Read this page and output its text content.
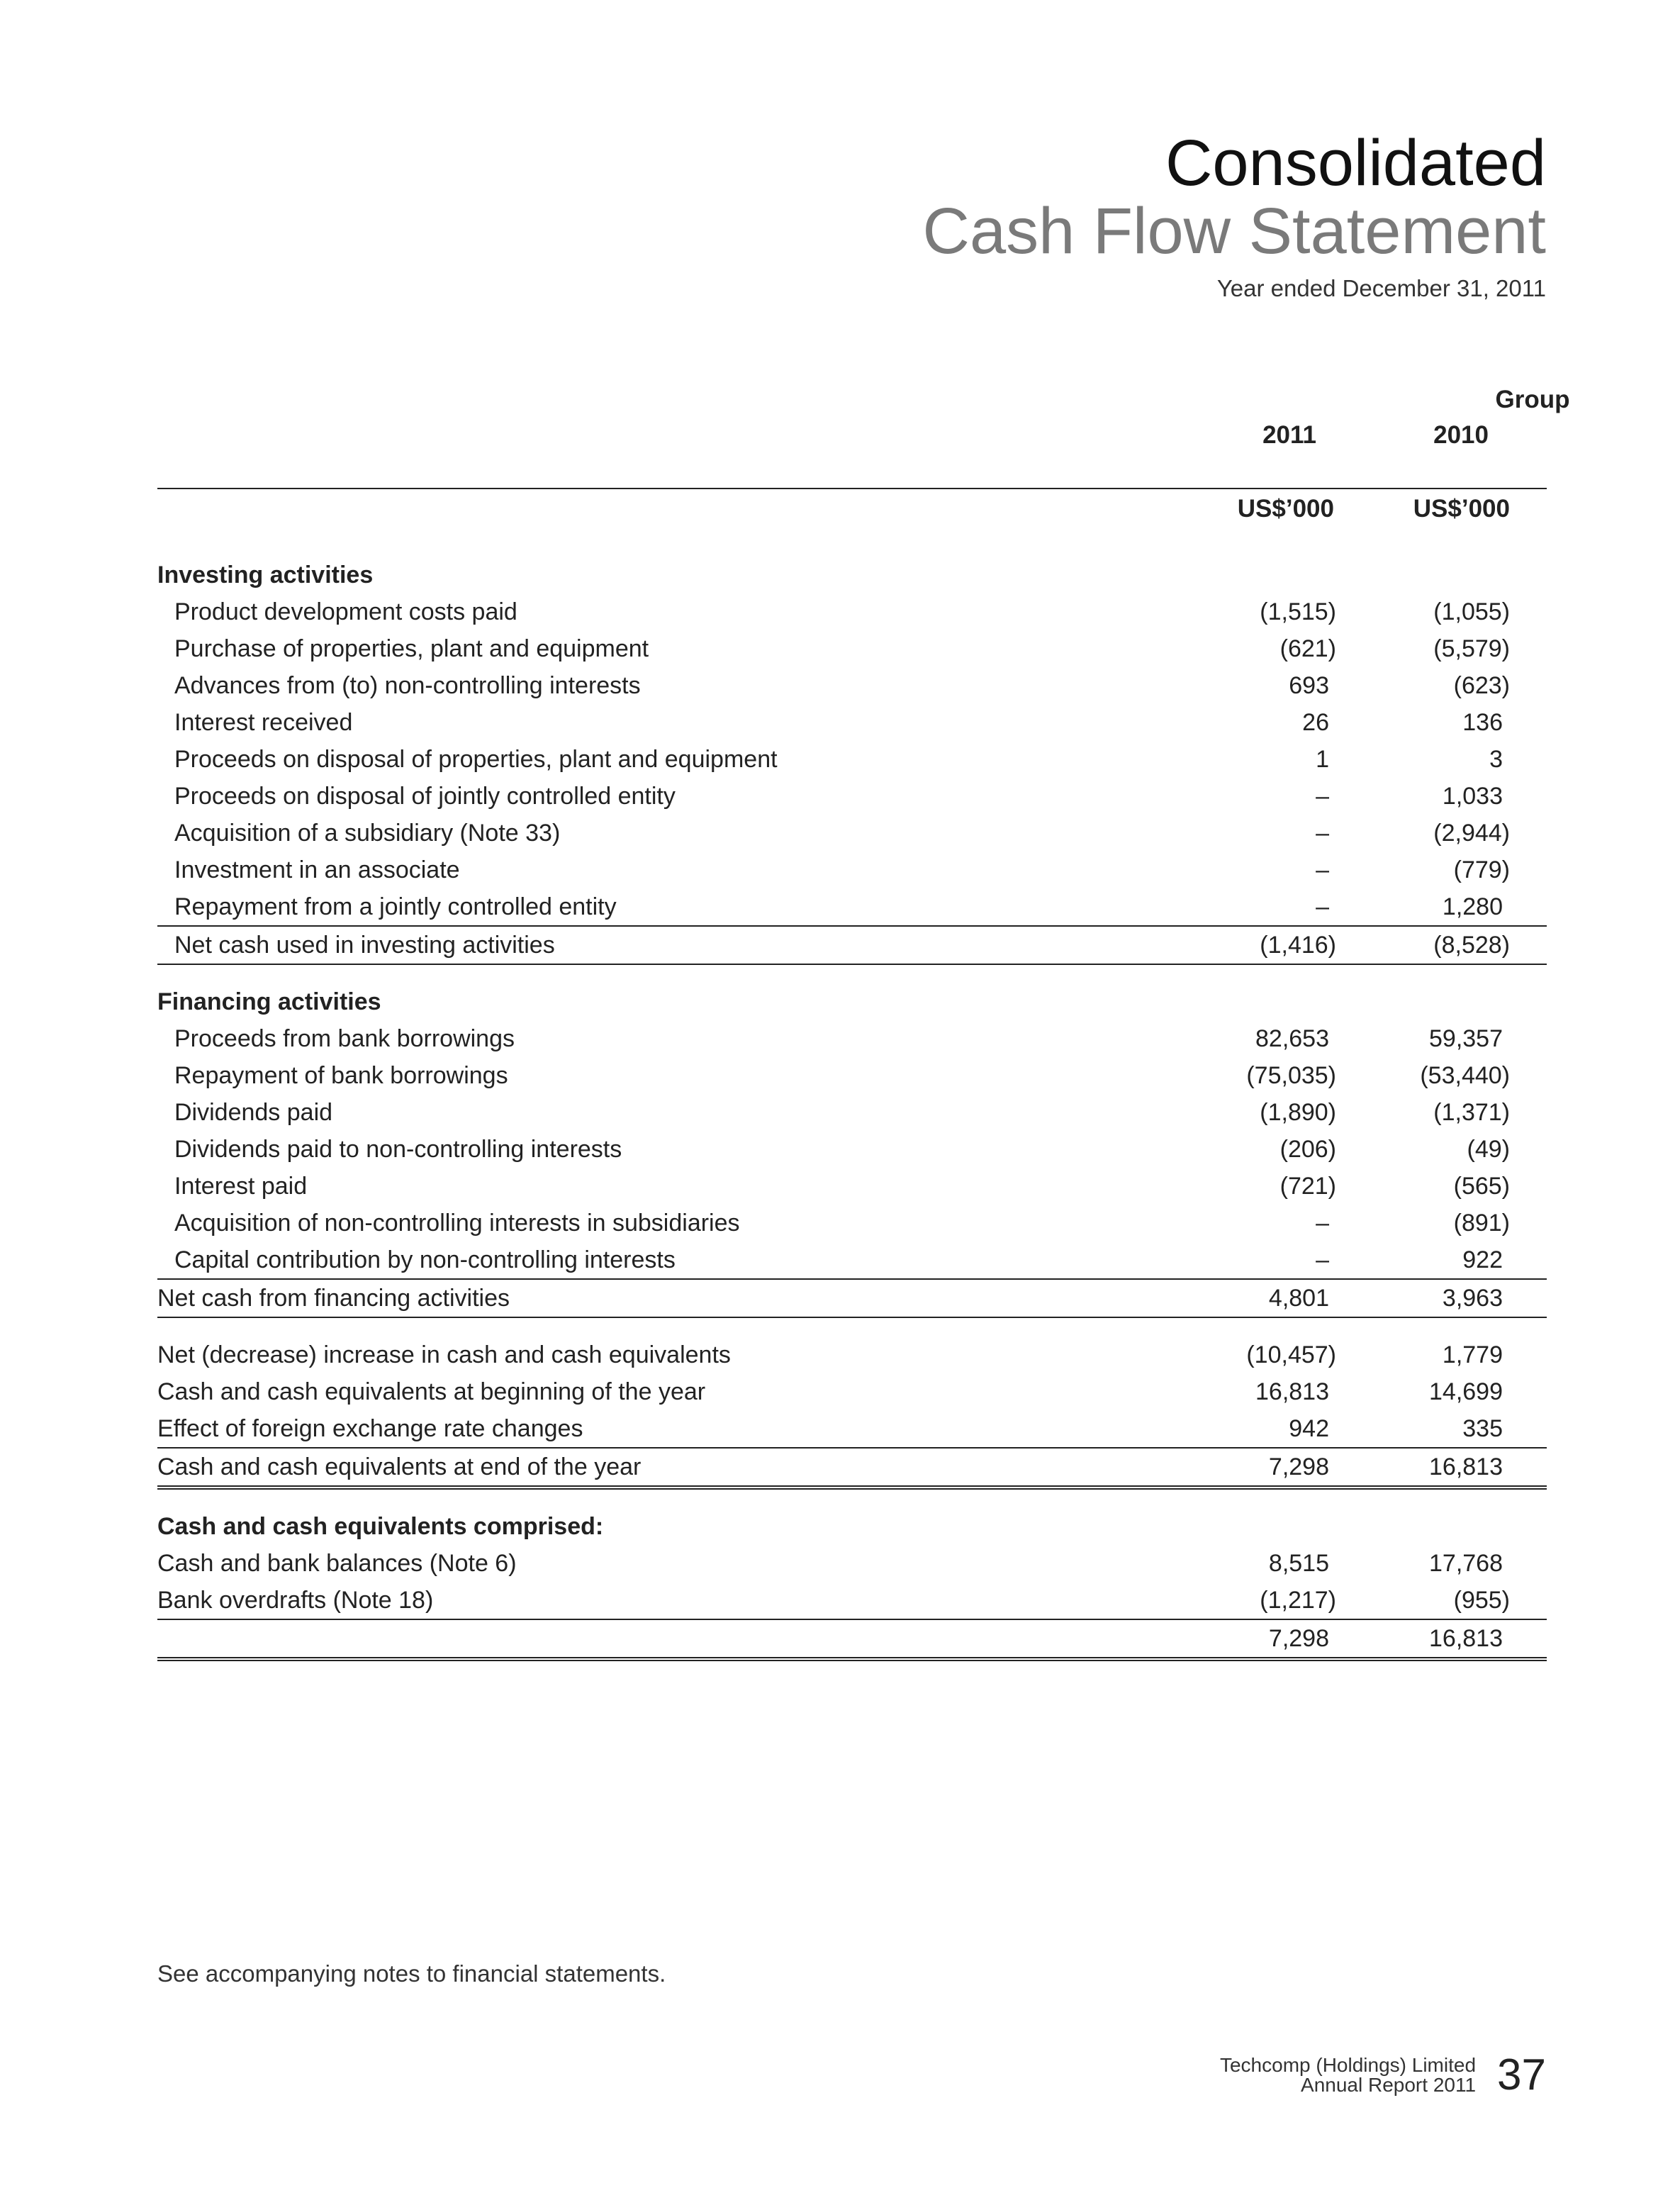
Consolidated
Cash Flow Statement
Year ended December 31, 2011
Group
2011	2010
US$’000	US$’000
Investing activities
Product development costs paid	(1,515)	(1,055)
Purchase of properties, plant and equipment	(621)	(5,579)
Advances from (to) non-controlling interests	693	(623)
Interest received	26	136
Proceeds on disposal of properties, plant and equipment	1	3
Proceeds on disposal of jointly controlled entity	–	1,033
Acquisition of a subsidiary (Note 33)	–	(2,944)
Investment in an associate	–	(779)
Repayment from a jointly controlled entity	–	1,280
Net cash used in investing activities	(1,416)	(8,528)
Financing activities
Proceeds from bank borrowings	82,653	59,357
Repayment of bank borrowings	(75,035)	(53,440)
Dividends paid	(1,890)	(1,371)
Dividends paid to non-controlling interests	(206)	(49)
Interest paid	(721)	(565)
Acquisition of non-controlling interests in subsidiaries	–	(891)
Capital contribution by non-controlling interests	–	922
Net cash from financing activities	4,801	3,963
Net (decrease) increase in cash and cash equivalents	(10,457)	1,779
Cash and cash equivalents at beginning of the year	16,813	14,699
Effect of foreign exchange rate changes	942	335
Cash and cash equivalents at end of the year	7,298	16,813
Cash and cash equivalents comprised:
Cash and bank balances (Note 6)	8,515	17,768
Bank overdrafts (Note 18)	(1,217)	(955)
7,298	16,813
See accompanying notes to financial statements.
Techcomp (Holdings) Limited
Annual Report 2011 37
